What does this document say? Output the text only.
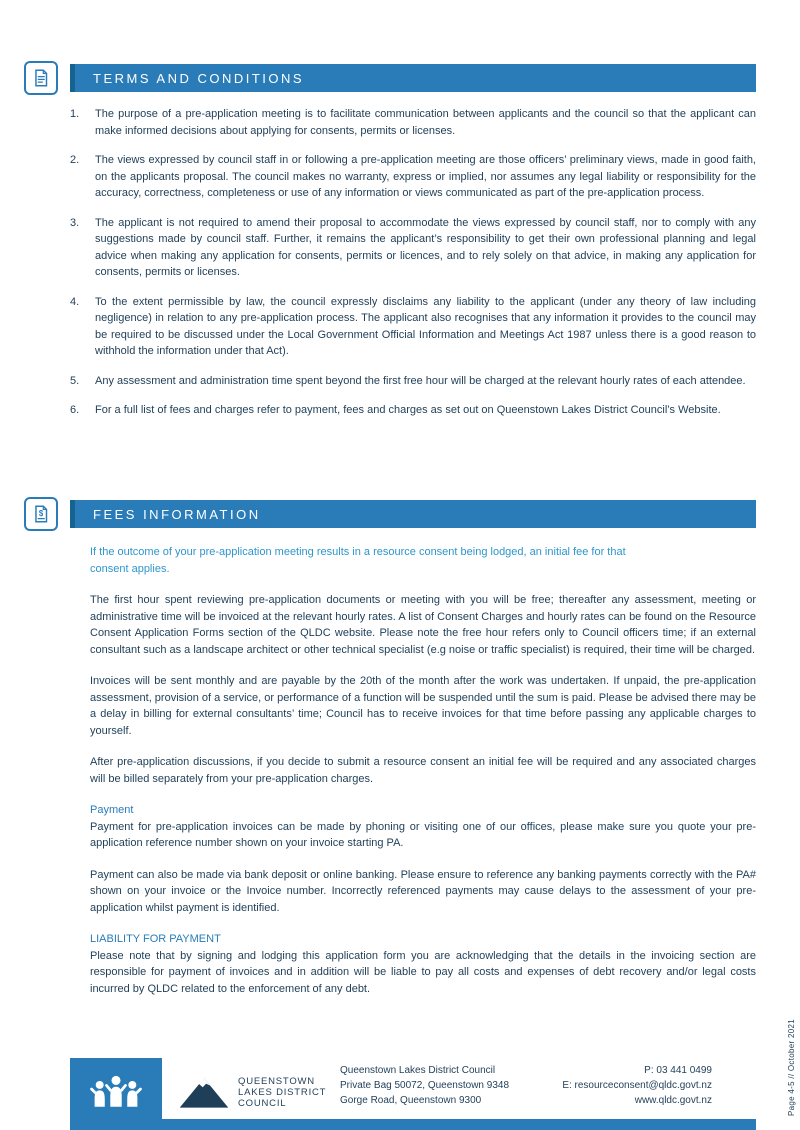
TERMS AND CONDITIONS
1.	The purpose of a pre-application meeting is to facilitate communication between applicants and the council so that the applicant can make informed decisions about applying for consents, permits or licenses.
2.	The views expressed by council staff in or following a pre-application meeting are those officers’ preliminary views, made in good faith, on the applicants proposal. The council makes no warranty, express or implied, nor assumes any legal liability or responsibility for the accuracy, correctness, completeness or use of any information or views communicated as part of the pre-application process.
3.	The applicant is not required to amend their proposal to accommodate the views expressed by council staff, nor to comply with any suggestions made by council staff. Further, it remains the applicant’s responsibility to get their own professional planning and legal advice when making any application for consents, permits or licences, and to rely solely on that advice, in making any application for consents, permits or licenses.
4.	To the extent permissible by law, the council expressly disclaims any liability to the applicant (under any theory of law including negligence) in relation to any pre-application process. The applicant also recognises that any information it provides to the council may be required to be discussed under the Local Government Official Information and Meetings Act 1987 unless there is a good reason to withhold the information under that Act).
5.	Any assessment and administration time spent beyond the first free hour will be charged at the relevant hourly rates of each attendee.
6.	For a full list of fees and charges refer to payment, fees and charges as set out on Queenstown Lakes District Council’s Website.
$	FEES INFORMATION

If the outcome of your pre-application meeting results in a resource consent being lodged, an initial fee for that consent applies.

The first hour spent reviewing pre-application documents or meeting with you will be free; thereafter any assessment, meeting or administrative time will be invoiced at the relevant hourly rates. A list of Consent Charges and hourly rates can be found on the Resource Consent Application Forms section of the QLDC website. Please note the free hour refers only to Council officers time; if an external consultant such as a landscape architect or other technical specialist (e.g noise or traffic specialist) is required, their time will be charged.

Invoices will be sent monthly and are payable by the 20th of the month after the work was undertaken. If unpaid, the pre-application assessment, provision of a service, or performance of a function will be suspended until the sum is paid. Please be advised there may be a delay in billing for external consultants’ time; Council has to receive invoices for that time before passing any applicable charges to yourself.

After pre-application discussions, if you decide to submit a resource consent an initial fee will be required and any associated charges will be billed separately from your pre-application charges.

Payment

Payment for pre-application invoices can be made by phoning or visiting one of our offices, please make sure you quote your pre-application reference number shown on your invoice starting PA.

Payment can also be made via bank deposit or online banking. Please ensure to reference any banking payments correctly with the PA# shown on your invoice or the Invoice number. Incorrectly referenced payments may cause delays to the assessment of your pre-application whilst payment is identified.

LIABILITY FOR PAYMENT

Please note that by signing and lodging this application form you are acknowledging that the details in the invoicing section are responsible for payment of invoices and in addition will be liable to pay all costs and expenses of debt recovery and/or legal costs incurred by QLDC related to the enforcement of any debt.

QUEENSTOWN
LAKES DISTRICT
COUNCIL
Queenstown Lakes District Council
Private Bag 50072, Queenstown 9348
Gorge Road, Queenstown 9300
P: 03 441 0499
E: resourceconsent@qldc.govt.nz
www.qldc.govt.nz	Page 4-5 // October 2021
